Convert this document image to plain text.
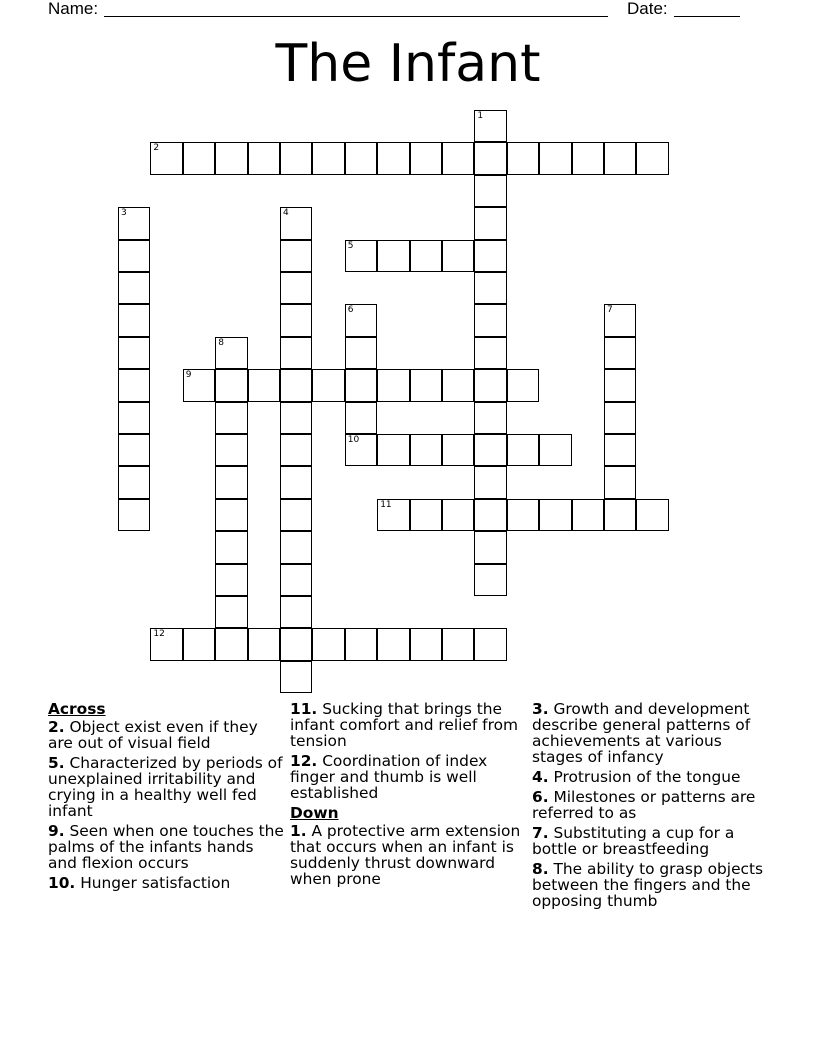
Name:	Date:
The Infant
2
5
9
10
11
12
1
3	4
6	7
8
Across
2. Object exist even if they are out of visual field
5. Characterized by periods of unexplained irritability and crying in a healthy well fed infant
9. Seen when one touches the palms of the infants hands and flexion occurs
10. Hunger satisfaction
11. Sucking that brings the infant comfort and relief from tension
12. Coordination of index finger and thumb is well established
Down
1. A protective arm extension that occurs when an infant is suddenly thrust downward when prone
3. Growth and development describe general patterns of achievements at various stages of infancy
4. Protrusion of the tongue
6. Milestones or patterns are referred to as
7. Substituting a cup for a bottle or breastfeeding
8. The ability to grasp objects between the fingers and the opposing thumb
